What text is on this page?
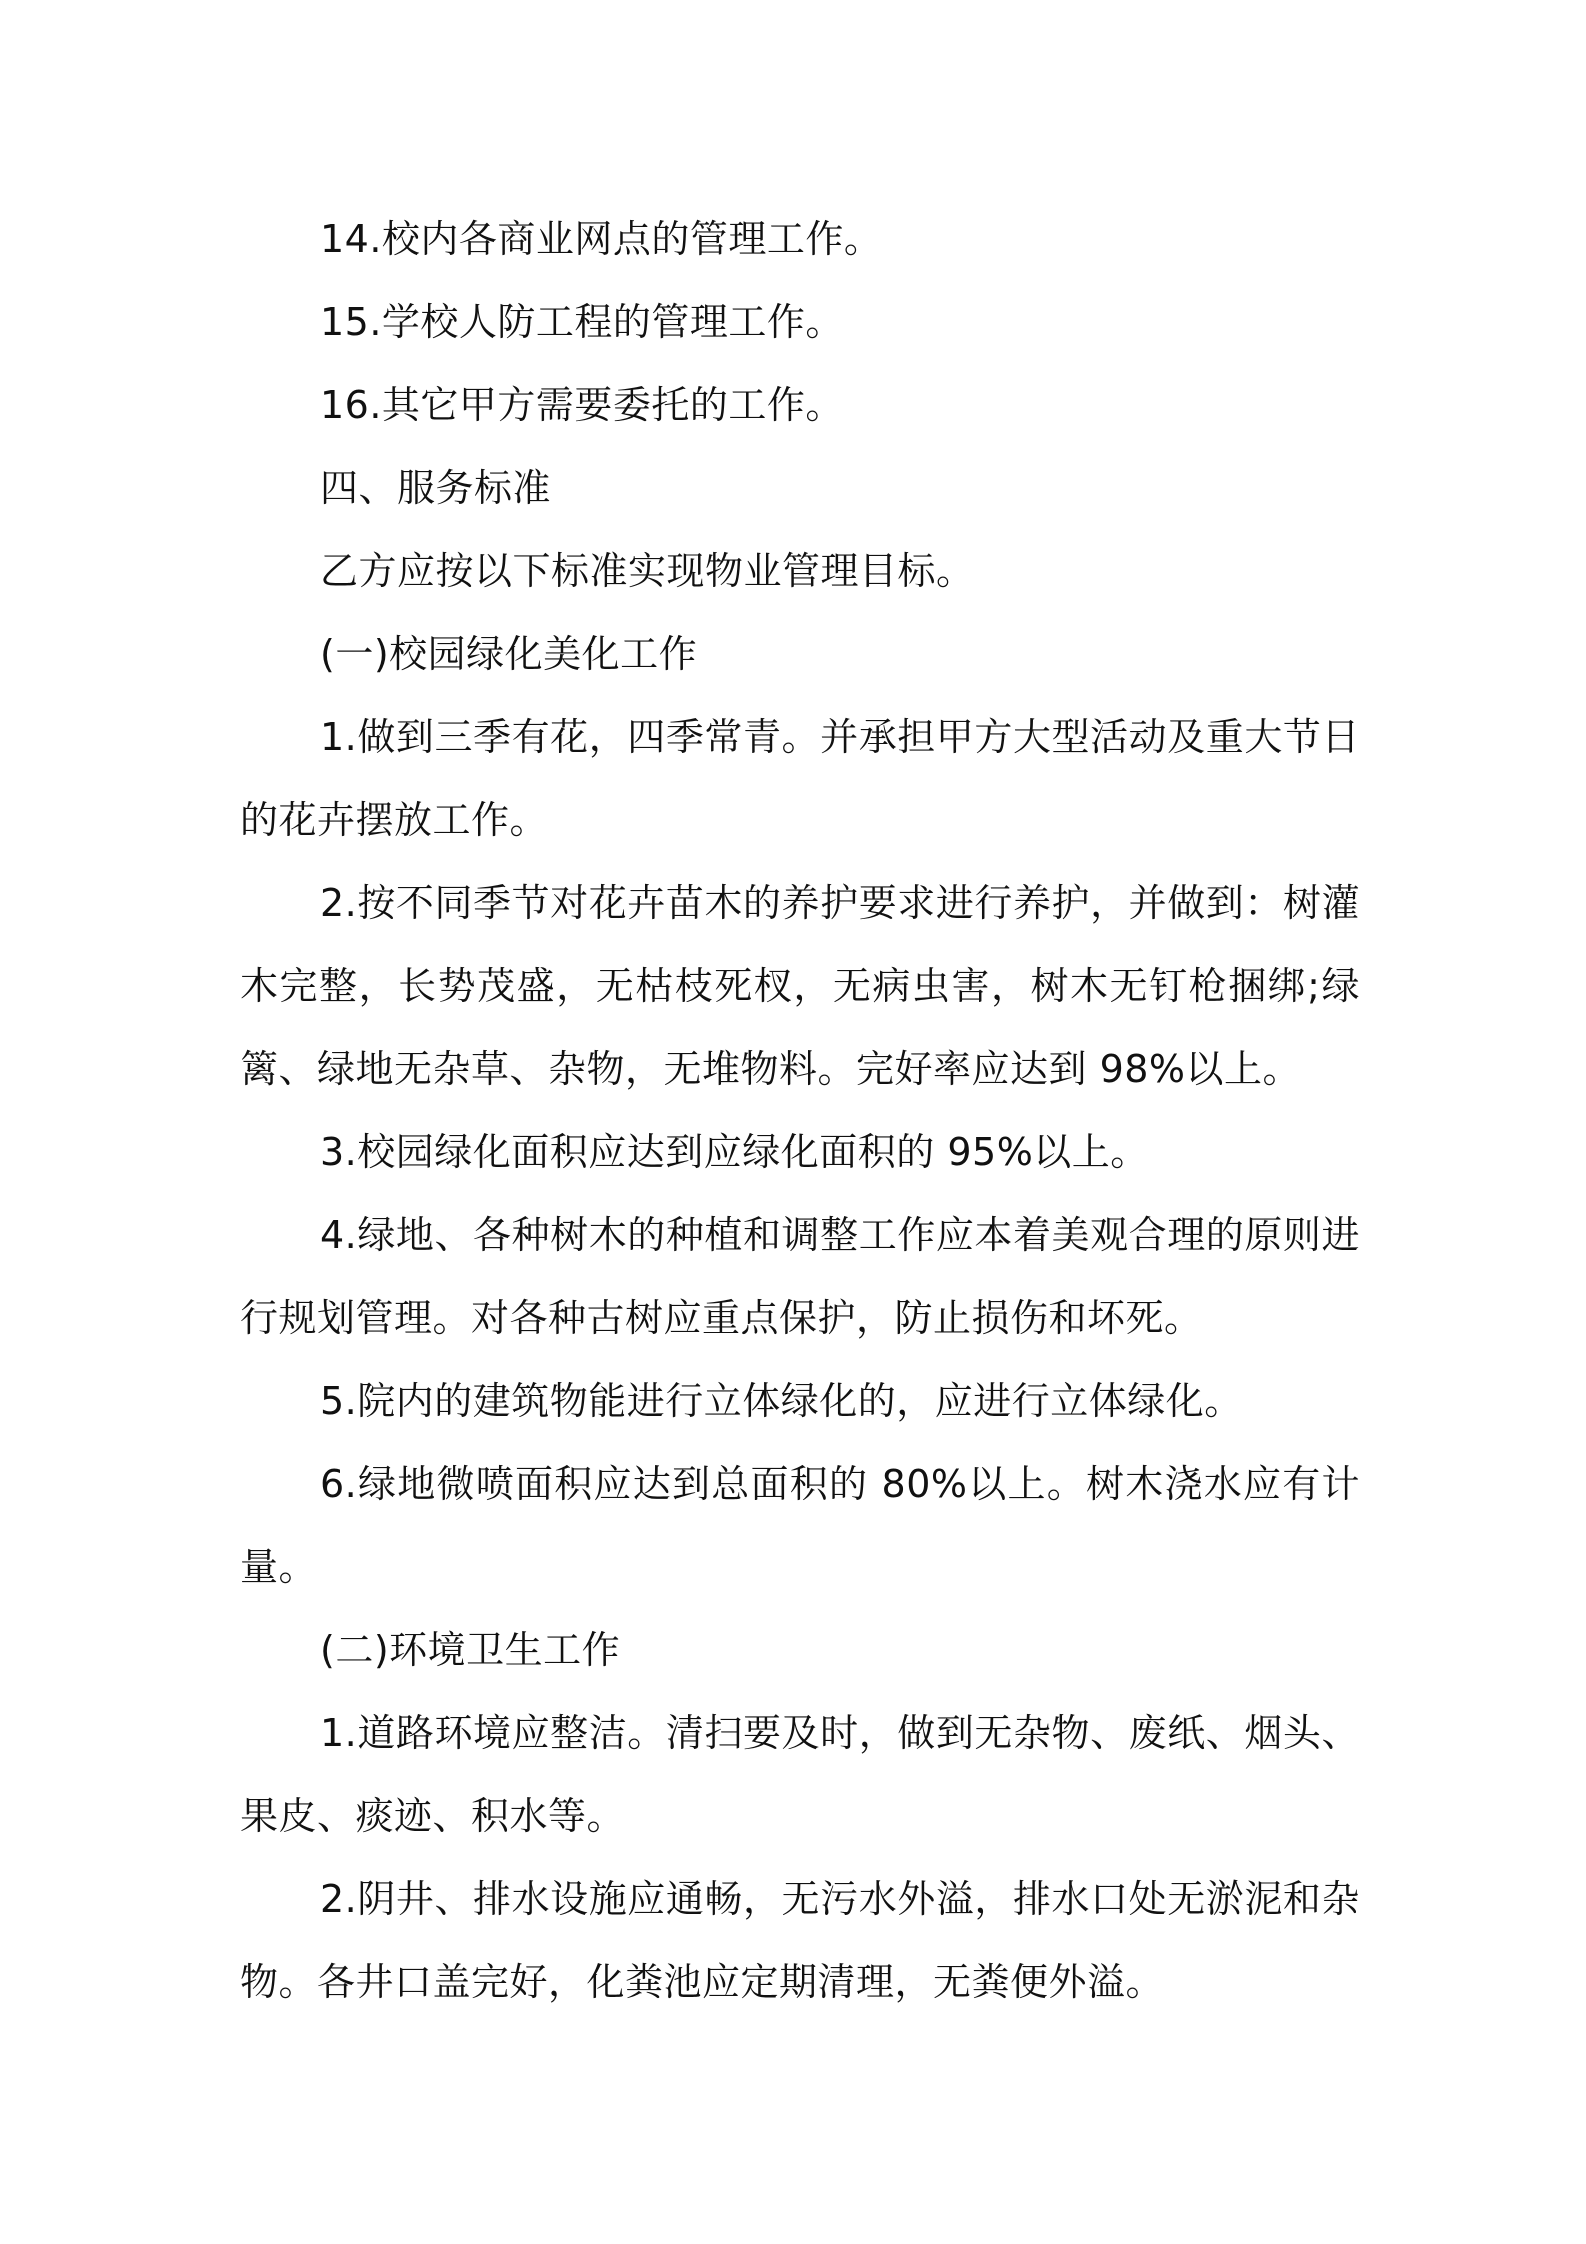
14.校内各商业网点的管理工作。

15.学校人防工程的管理工作。

16.其它甲方需要委托的工作。

四、服务标准

乙方应按以下标准实现物业管理目标。

(一)校园绿化美化工作

1.做到三季有花，四季常青。并承担甲方大型活动及重大节日的花卉摆放工作。

2.按不同季节对花卉苗木的养护要求进行养护，并做到：树灌木完整，长势茂盛，无枯枝死杈，无病虫害，树木无钉枪捆绑;绿篱、绿地无杂草、杂物，无堆物料。完好率应达到 98%以上。

3.校园绿化面积应达到应绿化面积的 95%以上。

4.绿地、各种树木的种植和调整工作应本着美观合理的原则进行规划管理。对各种古树应重点保护，防止损伤和坏死。

5.院内的建筑物能进行立体绿化的，应进行立体绿化。

6.绿地微喷面积应达到总面积的 80%以上。树木浇水应有计量。

(二)环境卫生工作

1.道路环境应整洁。清扫要及时，做到无杂物、废纸、烟头、果皮、痰迹、积水等。

2.阴井、排水设施应通畅，无污水外溢，排水口处无淤泥和杂物。各井口盖完好，化粪池应定期清理，无粪便外溢。
